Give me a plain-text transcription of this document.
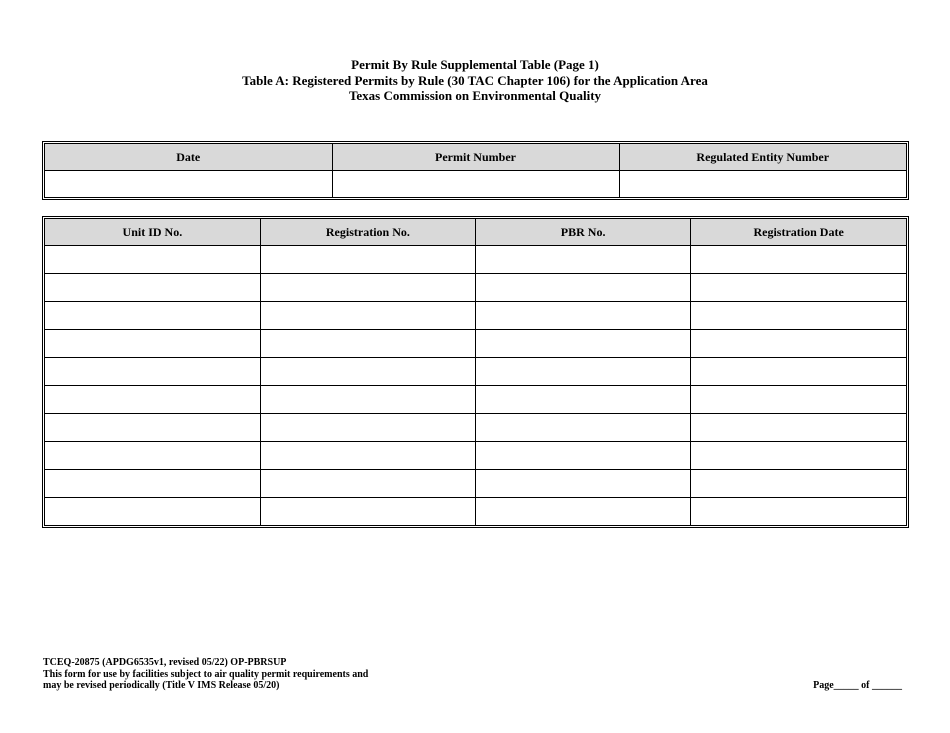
Permit By Rule Supplemental Table (Page 1)
Table A: Registered Permits by Rule (30 TAC Chapter 106) for the Application Area
Texas Commission on Environmental Quality
Date	Permit Number	Regulated Entity Number

Unit ID No.	Registration No.	PBR No.	Registration Date

TCEQ-20875 (APDG6535v1, revised 05/22) OP-PBRSUP
This form for use by facilities subject to air quality permit requirements and
may be revised periodically (Title V IMS Release 05/20)	Page_____ of ______
